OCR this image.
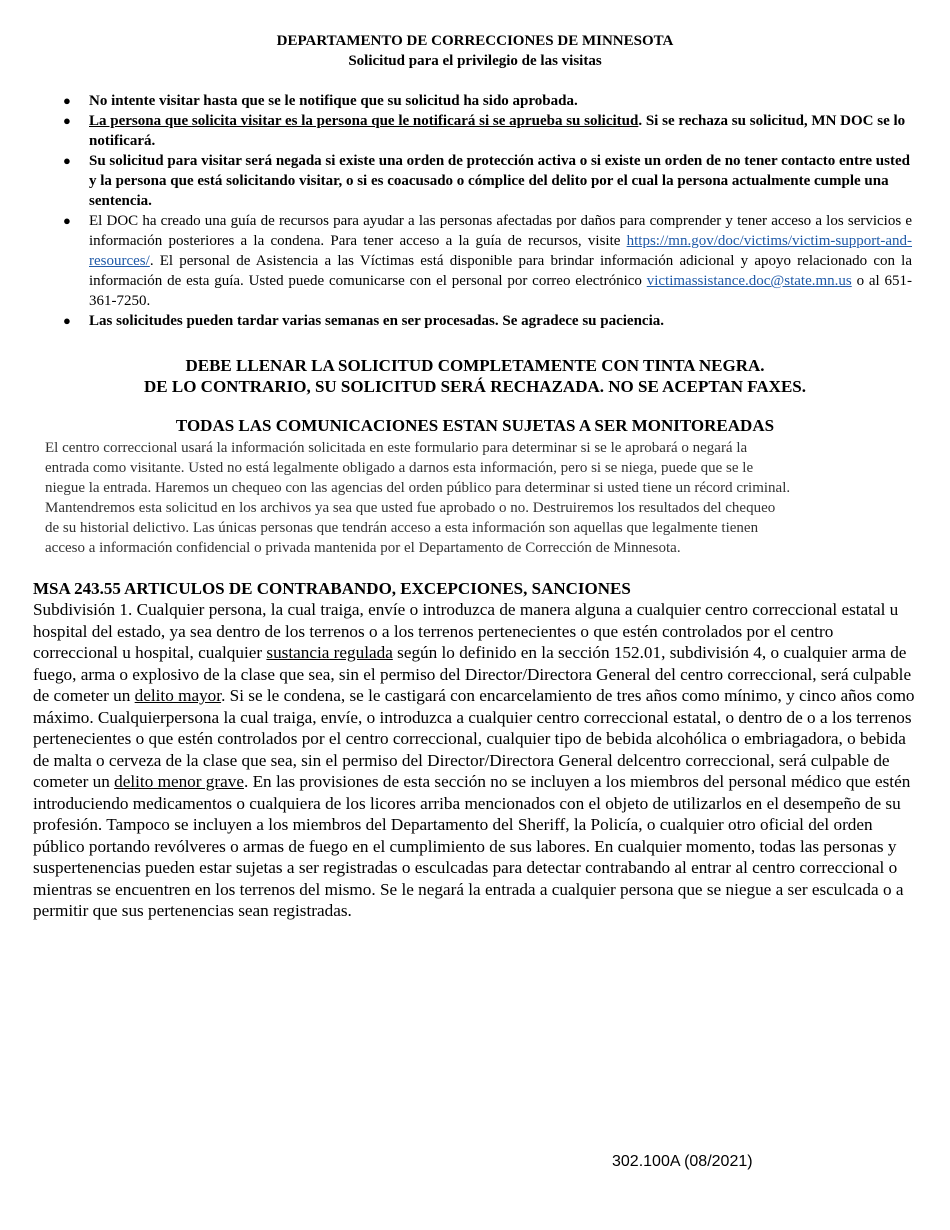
DEPARTAMENTO DE CORRECCIONES DE MINNESOTA
Solicitud para el privilegio de las visitas
● No intente visitar hasta que se le notifique que su solicitud ha sido aprobada.
● La persona que solicita visitar es la persona que le notificará si se aprueba su solicitud. Si se rechaza su solicitud, MN DOC se lo notificará.
● Su solicitud para visitar será negada si existe una orden de protección activa o si existe un orden de no tener contacto entre usted y la persona que está solicitando visitar, o si es coacusado o cómplice del delito por el cual la persona actualmente cumple una sentencia.
● El DOC ha creado una guía de recursos para ayudar a las personas afectadas por daños para comprender y tener acceso a los servicios e información posteriores a la condena. Para tener acceso a la guía de recursos, visite https://mn.gov/doc/victims/victim-support-and-resources/. El personal de Asistencia a las Víctimas está disponible para brindar información adicional y apoyo relacionado con la información de esta guía. Usted puede comunicarse con el personal por correo electrónico victimassistance.doc@state.mn.us o al 651-361-7250.
● Las solicitudes pueden tardar varias semanas en ser procesadas. Se agradece su paciencia.
DEBE LLENAR LA SOLICITUD COMPLETAMENTE CON TINTA NEGRA.
DE LO CONTRARIO, SU SOLICITUD SERÁ RECHAZADA. NO SE ACEPTAN FAXES.
TODAS LAS COMUNICACIONES ESTAN SUJETAS A SER MONITOREADAS
El centro correccional usará la información solicitada en este formulario para determinar si se le aprobará o negará la
entrada como visitante. Usted no está legalmente obligado a darnos esta información, pero si se niega, puede que se le
niegue la entrada. Haremos un chequeo con las agencias del orden público para determinar si usted tiene un récord criminal.
Mantendremos esta solicitud en los archivos ya sea que usted fue aprobado o no. Destruiremos los resultados del chequeo
de su historial delictivo. Las únicas personas que tendrán acceso a esta información son aquellas que legalmente tienen
acceso a información confidencial o privada mantenida por el Departamento de Corrección de Minnesota.
MSA 243.55 ARTICULOS DE CONTRABANDO, EXCEPCIONES, SANCIONES
Subdivisión 1. Cualquier persona, la cual traiga, envíe o introduzca de manera alguna a cualquier centro correccional estatal u hospital del estado, ya sea dentro de los terrenos o a los terrenos pertenecientes o que estén controlados por el centro correccional u hospital, cualquier sustancia regulada según lo definido en la sección 152.01, subdivisión 4, o cualquier arma de fuego, arma o explosivo de la clase que sea, sin el permiso del Director/Directora General del centro correccional, será culpable de cometer un delito mayor. Si se le condena, se le castigará con encarcelamiento de tres años como mínimo, y cinco años como máximo. Cualquierpersona la cual traiga, envíe, o introduzca a cualquier centro correccional estatal, o dentro de o a los terrenos pertenecientes o que estén controlados por el centro correccional, cualquier tipo de bebida alcohólica o embriagadora, o bebida de malta o cerveza de la clase que sea, sin el permiso del Director/Directora General delcentro correccional, será culpable de cometer un delito menor grave. En las provisiones de esta sección no se incluyen a los miembros del personal médico que estén introduciendo medicamentos o cualquiera de los licores arriba mencionados con el objeto de utilizarlos en el desempeño de su profesión. Tampoco se incluyen a los miembros del Departamento del Sheriff, la Policía, o cualquier otro oficial del orden público portando revólveres o armas de fuego en el cumplimiento de sus labores. En cualquier momento, todas las personas y suspertenencias pueden estar sujetas a ser registradas o esculcadas para detectar contrabando al entrar al centro correccional o mientras se encuentren en los terrenos del mismo. Se le negará la entrada a cualquier persona que se niegue a ser esculcada o a permitir que sus pertenencias sean registradas.
302.100A (08/2021)
